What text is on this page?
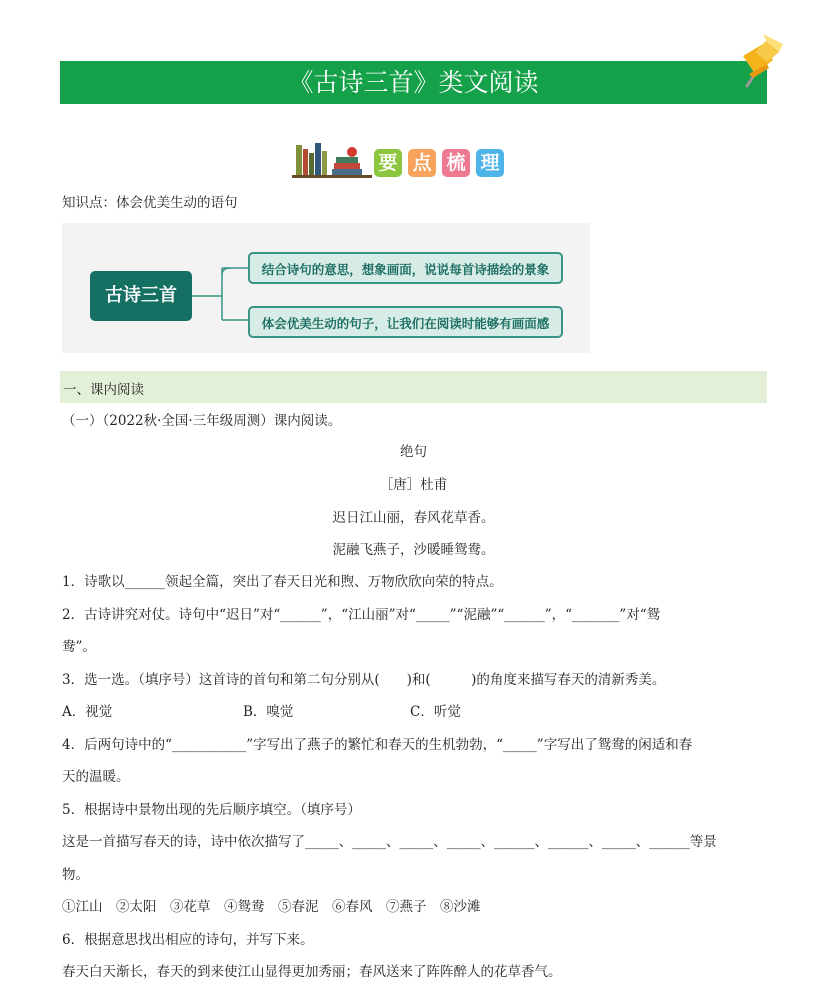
《古诗三首》类文阅读
要 点 梳 理
知识点：体会优美生动的语句
古诗三首
结合诗句的意思，想象画面，说说每首诗描绘的景象
体会优美生动的句子，让我们在阅读时能够有画面感
一、课内阅读
（一）（2022秋·全国·三年级周测）课内阅读。
绝句
［唐］杜甫
迟日江山丽，春风花草香。
泥融飞燕子，沙暖睡鸳鸯。
1．诗歌以______领起全篇，突出了春天日光和煦、万物欣欣向荣的特点。
2．古诗讲究对仗。诗句中“迟日”对“______”，“江山丽”对“_____”“泥融”“______”，“_______”对“鸳
鸯”。
3．选一选。（填序号）这首诗的首句和第二句分别从(　　)和(　　　)的角度来描写春天的清新秀美。
A．视觉	B．嗅觉	C．听觉
4．后两句诗中的“___________”字写出了燕子的繁忙和春天的生机勃勃，“_____”字写出了鸳鸯的闲适和春
天的温暖。
5．根据诗中景物出现的先后顺序填空。（填序号）
这是一首描写春天的诗，诗中依次描写了_____、_____、_____、_____、______、______、_____、______等景
物。
①江山　②太阳　③花草　④鸳鸯　⑤春泥　⑥春风　⑦燕子　⑧沙滩
6．根据意思找出相应的诗句，并写下来。
春天白天渐长，春天的到来使江山显得更加秀丽；春风送来了阵阵醉人的花草香气。
